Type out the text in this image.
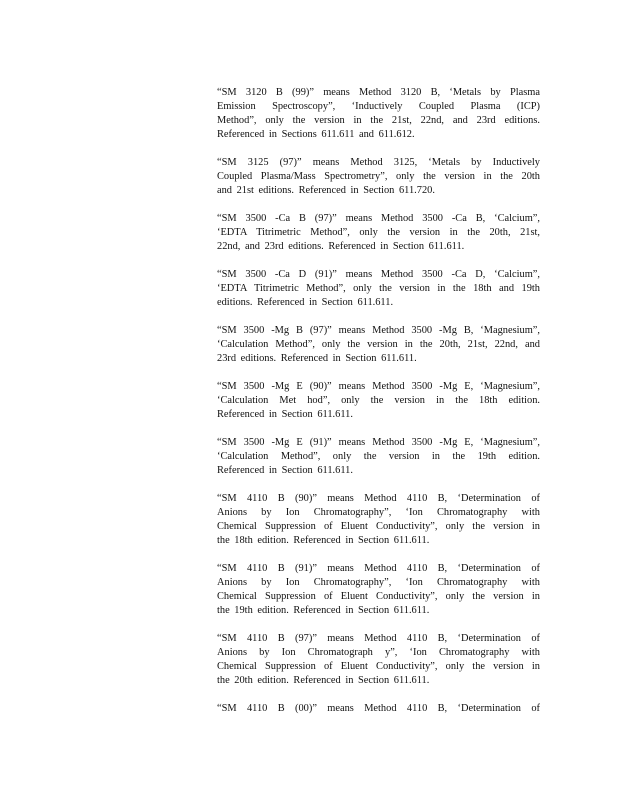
“SM 3120 B (99)” means Method 3120 B, ‘Metals by Plasma
Emission Spectroscopy”, ‘Inductively Coupled Plasma (ICP)
Method”, only the version in the 21st, 22nd, and 23rd editions.
Referenced in Sections 611.611 and 611.612.
“SM 3125 (97)” means Method 3125, ‘Metals by Inductively
Coupled Plasma/Mass Spectrometry”, only the version in the 20th
and 21st editions. Referenced in Section 611.720.
“SM 3500 -Ca B (97)” means Method 3500 -Ca B, ‘Calcium”,
‘EDTA Titrimetric Method”, only the version in the 20th, 21st,
22nd, and 23rd editions. Referenced in Section 611.611.
“SM 3500 -Ca D (91)” means Method 3500 -Ca D, ‘Calcium”,
‘EDTA Titrimetric Method”, only the version in the 18th and 19th
editions. Referenced in Section 611.611.
“SM 3500 -Mg B (97)” means Method 3500 -Mg B, ‘Magnesium”,
‘Calculation Method”, only the version in the 20th, 21st, 22nd, and
23rd editions. Referenced in Section 611.611.
“SM 3500 -Mg E (90)” means Method 3500 -Mg E, ‘Magnesium”,
‘Calculation Met hod”, only the version in the 18th edition.
Referenced in Section 611.611.
“SM 3500 -Mg E (91)” means Method 3500 -Mg E, ‘Magnesium”,
‘Calculation Method”, only the version in the 19th edition.
Referenced in Section 611.611.
“SM 4110 B (90)” means Method 4110 B, ‘Determination of
Anions by Ion Chromatography”, ‘Ion Chromatography with
Chemical Suppression of Eluent Conductivity”, only the version in
the 18th edition. Referenced in Section 611.611.
“SM 4110 B (91)” means Method 4110 B, ‘Determination of
Anions by Ion Chromatography”, ‘Ion Chromatography with
Chemical Suppression of Eluent Conductivity”, only the version in
the 19th edition. Referenced in Section 611.611.
“SM 4110 B (97)” means Method 4110 B, ‘Determination of
Anions by Ion Chromatograph y”, ‘Ion Chromatography with
Chemical Suppression of Eluent Conductivity”, only the version in
the 20th edition. Referenced in Section 611.611.
“SM 4110 B (00)” means Method 4110 B, ‘Determination of
